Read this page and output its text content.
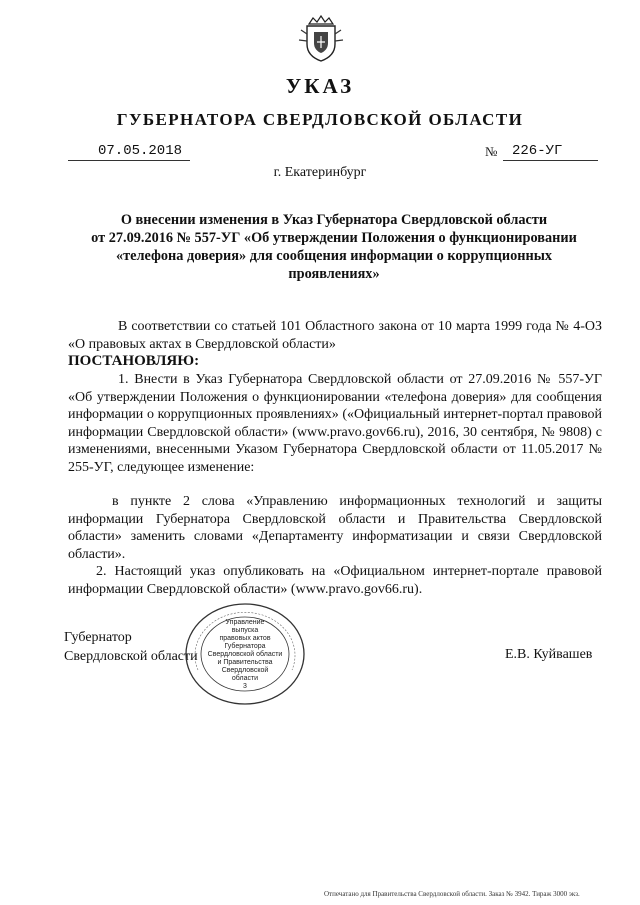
УКАЗ
ГУБЕРНАТОРА СВЕРДЛОВСКОЙ ОБЛАСТИ
07.05.2018	№ 226-УГ
г. Екатеринбург
О внесении изменения в Указ Губернатора Свердловской области
от 27.09.2016 № 557-УГ «Об утверждении Положения о функционировании
«телефона доверия» для сообщения информации о коррупционных
проявлениях»
В соответствии со статьей 101 Областного закона от 10 марта 1999 года № 4-ОЗ «О правовых актах в Свердловской области»
ПОСТАНОВЛЯЮ:
1. Внести в Указ Губернатора Свердловской области от 27.09.2016 № 557-УГ «Об утверждении Положения о функционировании «телефона доверия» для сообщения информации о коррупционных проявлениях» («Официальный интернет-портал правовой информации Свердловской области» (www.pravo.gov66.ru), 2016, 30 сентября, № 9808) с изменениями, внесенными Указом Губернатора Свердловской области от 11.05.2017 № 255-УГ, следующее изменение:
в пункте 2 слова «Управлению информационных технологий и защиты информации Губернатора Свердловской области и Правительства Свердловской области» заменить словами «Департаменту информатизации и связи Свердловской области».
2. Настоящий указ опубликовать на «Официальном интернет-портале правовой информации Свердловской области» (www.pravo.gov66.ru).
Губернатор
Свердловской области	Е.В. Куйвашев
Управление
выпуска
правовых актов
Губернатора
Свердловской области
и Правительства
Свердловской
области
3
Отпечатано для Правительства Свердловской области. Заказ № 3942. Тираж 3000 экз.
